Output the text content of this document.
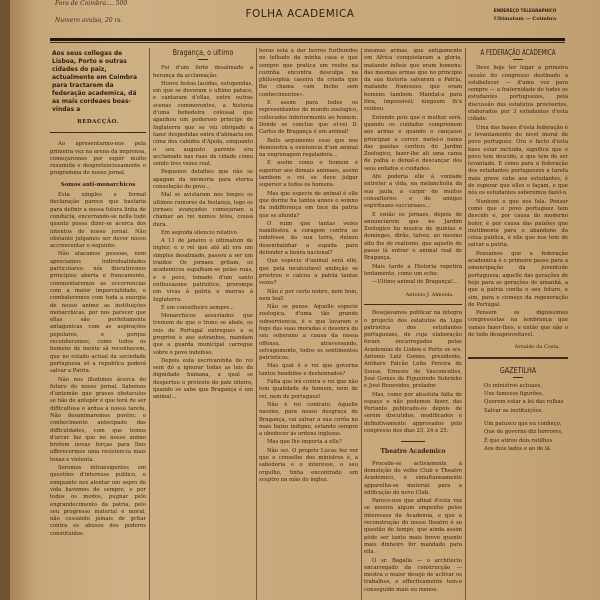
Fora de Coimbra.... 500
Numero avulso, 20 rs.
FOLHA ACADEMICA	ENDEREÇO TELEGRAPHICO
Ultimatum — Coimbra
Aos seus collegas de Lisboa, Porto e outras cidades do paiz, actualmente em Coimbra para tractarem da federação academica, dá as mais cordeaes boas-vindas a
REDACÇÃO.

Ao apresentarmo-nos pela primeira vez na arena da imprensa, começaremos por expôr muito resumida e despretenciosamente o programma do nosso jornal.

Somos anti-monarchicos

Esta simples e formal declaração parece que bastaria para definir a nossa futura linha de conducta, encerrando-se nella tudo quanto possa dizer-se ácerca dos intentos do nosso jornal. Não obstante julgamos ser dever nosso accrescentar o seguinte:

Não atacamos pessoas, nem apreciamos individualidades particulares; nós discutiremos principios aberta e francamente, commentaremos as occorrencias com a maior imparcialidade, e combateremos com toda a energia de nosso animo as instituições monarchicas, por nos parecer que ellas são perfeitamente antagonicas com as aspirações populares, e porque reconhecemos, como todos os homens de mente sã reconhecem, que no estado actual da sociedade portugueza só a republica poderá salvar a Patria.

Não nos illudimos ácerca do futuro do nosso jornal. Sabemos d'antemão que graves obstaculos se hão de antepôr e que terá de ser difficultosa e ardua a nossa tarefa. Não desanimaremos porém; o conhecimento antecipado das difficuldades, com que temos d'arcar faz que no nosso animo brotem novas forças para lhes offerecermos uma resistencia mais tenaz e violenta.

Seremos intransigentes em questões d'interesse publico, e emquanto nos alentar um sopro de vida havemos de sempre, e por todos os modos, pugnar pelo engrandecimento da patria, pelo seu progresso material e moral, não cessando jámais de gritar contra os abusos dos poderes constituidos.

Bragança, o ultimo

Foi d'um forte desalmado a herança da acclamação.

Houve festas lauidas, estupendas, em que se devoram o ultimo pataco, e cantaram d'ellas, entre outras scenas commoventes, a historia d'uma bebedeira colossal que apanhou um poderoso principe de Inglaterra que se viu obrigado a fazer despedidas entre d'alimaria em cima dos cabides d'Ajuda, emquanto o seu augusto parente era acclamado nas ruas da cidade como sendo tres vezes real.

Pequenos detalhes que não se apagam da memoria para eterna consolação do povo...

Mal se avistaram nos longes os ultimos rumores da festança, logo os jornaes avançados começaram a chamar ao rei nomes feios, cousa dura.

Em seguida silencio relativo.

A 11 de janeiro o ultimatum de inglez; e o rei que até ali era um simples desalmado, passou a ser um traidor. Os jornaes gritam, os academicos espalham-se pelas ruas, e o povo, tomado d'um santo enthusiasmo patriotico, prorompe em vivas á patria e morras á Inglaterra.

É um conselheiro sempre...

Monarchicos assustados que tremem de que o trono se abale, os reis de Portugal entregues a si proprios e aos estranhos, mandam que a guarda municipal carregue sobre o povo indefeso.

Depois esta escrivaninha do rei sem dó a ignorar todas as leis da dignidade humana, a qual se despertou o protesto do paiz inteiro, quando se sabe que Bragança é um animal...

horas está a dar berros furibundos no telhado da minha casa e que sempre que pratica um roubo na cozinha encontra desculpa na philosophia caseira da criada que lhe chama «um bicho sem conhecimentos».

E assim para todos os representantes do mundo zoologico, collocados inferiormente ao homem. Donde se conclue que el-rei D. Carlos de Bragança é um animal!

Bello argumento esse que nos demonstra a existencia d'um animal na engrenagem regaladora...

E assim como o homem é superior aos demais animaes, assim tambem o rei se deve julgar superior a todos os homens.

Mas que especie de animal é elle que dorme ha tantos annos o somno da indifferença em face da patria que se afunda?

O ruim que tantas vezes manifestou a coragem contra os indefesos da sua terra, deixou desembainhar a espada para defender a honra nacional?

Que especie d'animal será elle, que pela incalculavel ambição se prostrou e calcou a patria tantas vezes?

Não é por certo nobre, nem bom, nem leal!

Não se pense. Aquelle especie zoologica, d'uma tão grande subserviencia, é o que lavaram o fogo das suas moradas e desonra do seu soberano a causa da nossa offensa, atravessando, selvagemente, todos os sentimentos patrioticos.

Mas qual é o rei que governa tantos bandidos e deshonrados?

Falta que irá contra o rei que não tem qualidade de homem, nem de rei, nem de portuguez!

Não é rei contrato. Aquelle mesmo, para nosso desgraça de Bragança, vai salvar a sua corôa no mais baixo indigno, estando sempre a obedecer ás ordens inglezas.

Mas que lhe importa a elle?

Não sei. O proprio Lucas fez ver que o conselho dos ministros é, a sabedoria e o interesse, o seu orgulho, tinha encontrado um sceptro na mão do inglez.

mesmas armas, que antigamente em Africa conquistaram a gloria, matando infieis que eram homens; das mesmas armas que no principio da sua historia salvaram a Patria, matando francezes que eram homens tambem. Mandal-a para fóra, impossivel; ninguem lh'a roubou.

Entendo pois que o melhor será, quando os cuidados compremem aos armas e quando o cançasso principiar a correr, metel-o numa das gaiolas centros do Jardim Zoologico, fazer-lhe ali uma cama de palha e deixal-o descançar dos seus enfados e cuidados.

Ahi poderia elle á vontade entreter a vida, na melancholia da sua jaula, a carpir de muitos consultorios e de amigos espirituaes succursaes...

E então os jornaes, depois de annunciarem que no Jardim Zoologico ha musica de quintas e domingos, dirão, talvez, ao mesmo alto lhe de realismo, que aquelle de passo lá entrar o animal real de Bragança.

Mais tarde a Historia repetirá lentamente, como um echo:

—Ultimo animal de Bragança!...

Antonio J. Almeida.

Desejavamos publicar na integra o projecto dos estatutos da Liga patriotica dos estudantes portuguezes, de cuja elaboração foram encarregados pelas Academias de Lisboa e Porto os srs. Antonio Luiz Gomes, presidente, Anthero Falcão Leite Pereira de Sousa, Ernesto de Vasconcellos, José Gomes de Figueiredo Sobrinho e José Benevides, prelador.

Mas, como por absoluta falta de espaço o não podemos fazer, das Portanto publicado-os depois de serem discutidos, modificados e definitivamente approvados pelo congresso dos dias 23, 24 e 25.

Theatro Academico

Procede-se activamente á demolição do velho Club e Theatro Academico, e simultaneamente apparelha-se material para a edificação do novo Club.

Parece-nos que afinal d'esta vez se mostra algum empenho pelos interesses da Academia, e que a reconstrução do nosso theatro é so questão de tempo, que ainda assim pôde ser tanto mais breve quanto mais dinheiro for mandado para ella.

O sr. Bagalia — o architecto encarregado da construcção — mostra o maior desejo de activar os trabalhos, e effectivamente tem-o conseguido mais ou menos.

A FEDERAÇÃO ACADEMICA

Deve hoje ter logar a primeira sessão do congresso destinado a estabelecer — d'uma vez para sempre — a fraternidade de todos os estudantes portuguezes, pela discussão das estatutos provisorios, elaborados por 3 estudantes d'esta cidade.

Uma das bases d'esta federação é o levantamento do nivel moral de povo portuguez. Ora o facto d'esta base estar incluida, significa que o povo tem descido, e que tem de ser levantado. E como para a federação dos estudantes portuguezes a tarefa mais grave cabe aos estudantes, é de esperar que elles o façam, e que nós os estudantes saberemos fazel-o.

Nenhum o que nos fala. Pensar como que o povo portuguez tem descido e, por causa do moderno bolor, é por causa das paixões que inutilmente para o abandono da coisa publica, é elle que nos tem de salvar a patria.

Pensamos que a federação academica é o primeiro passo para a emancipação da juventude portugueza; aquelle das gerações de hoje para as gerações de amanhã, a que a patria confia o seu futuro, e sim, para o começo da regeneração de Portugal.

Pensem os dignissimos congressistas na lembrança que vamos fazer-lhes, e então que não o de todo desaproveitavel.

Arnaldo da Costa.
GAZETILHA

Os ministros actuaes,

Uns famosos figurões,

Querem estar a lei das rolhas

Salvar as instituições.

Um patusco que eu conheço,

Que do governo diz horrores,

É que atirou dois ratilhos

Aos dois lados e ao de lá.
